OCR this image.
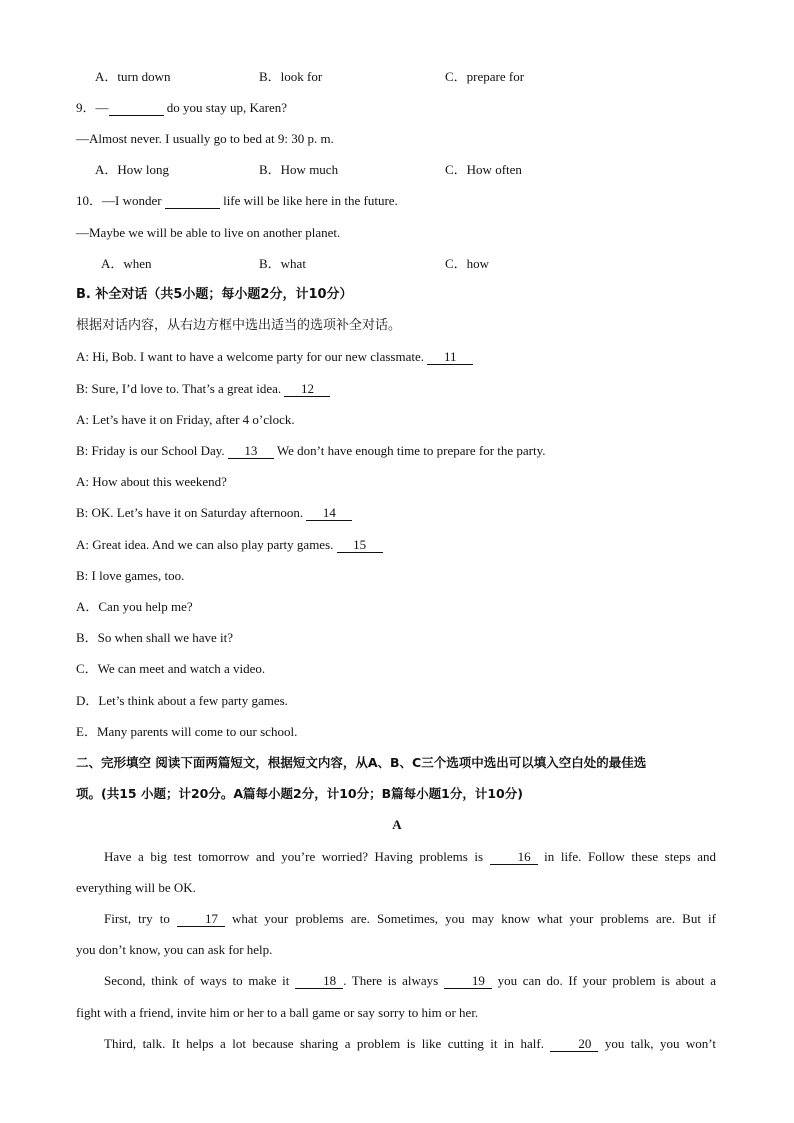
A．turn down	B．look for	C．prepare for
9．—	do you stay up, Karen?
—Almost never. I usually go to bed at 9: 30 p. m.
A．How long	B．How much	C．How often
10．—I wonder	life will be like here in the future.
—Maybe we will be able to live on another planet.
A．when	B．what	C．how
B. 补全对话（共5小题；每小题2分，计10分）
根据对话内容，从右边方框中选出适当的选项补全对话。
A: Hi, Bob. I want to have a welcome party for our new classmate. 11
B: Sure, I’d love to. That’s a great idea. 12
A: Let’s have it on Friday, after 4 o’clock.
B: Friday is our School Day. 13 We don’t have enough time to prepare for the party.
A: How about this weekend?
B: OK. Let’s have it on Saturday afternoon. 14
A: Great idea. And we can also play party games. 15
B: I love games, too.
A．Can you help me?
B．So when shall we have it?
C．We can meet and watch a video.
D．Let’s think about a few party games.
E．Many parents will come to our school.
二、完形填空 阅读下面两篇短文，根据短文内容，从A、B、C三个选项中选出可以填入空白处的最佳选
项。(共15 小题；计20分。A篇每小题2分，计10分；B篇每小题1分，计10分)
A
Have a big test tomorrow and you’re worried? Having problems is 16 in life. Follow these steps and
everything will be OK.
First, try to 17 what your problems are. Sometimes, you may know what your problems are. But if
you don’t know, you can ask for help.
Second, think of ways to make it 18 . There is always 19 you can do. If your problem is about a
fight with a friend, invite him or her to a ball game or say sorry to him or her.
Third, talk. It helps a lot because sharing a problem is like cutting it in half. 20 you talk, you won’t
